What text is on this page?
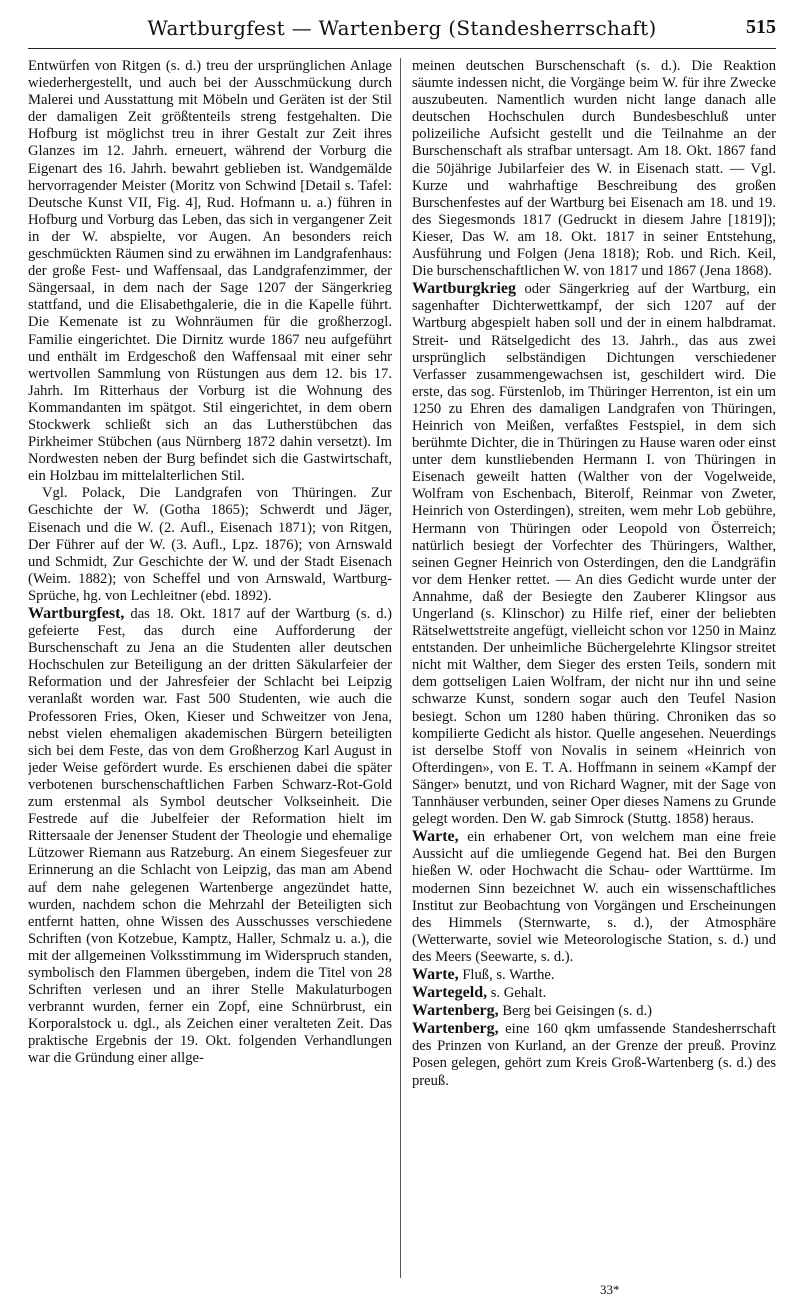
Wartburgfest — Wartenberg (Standesherrschaft)	515

Entwürfen von Ritgen (s. d.) treu der ursprünglichen Anlage wiederhergestellt, und auch bei der Ausschmückung durch Malerei und Ausstattung mit Möbeln und Geräten ist der Stil der damaligen Zeit größtenteils streng festgehalten. Die Hofburg ist möglichst treu in ihrer Gestalt zur Zeit ihres Glanzes im 12. Jahrh. erneuert, während der Vorburg die Eigenart des 16. Jahrh. bewahrt geblieben ist. Wandgemälde hervorragender Meister (Moritz von Schwind [Detail s. Tafel: Deutsche Kunst VII, Fig. 4], Rud. Hofmann u. a.) führen in Hofburg und Vorburg das Leben, das sich in vergangener Zeit in der W. abspielte, vor Augen. An besonders reich geschmückten Räumen sind zu erwähnen im Landgrafenhaus: der große Fest- und Waffensaal, das Landgrafenzimmer, der Sängersaal, in dem nach der Sage 1207 der Sängerkrieg stattfand, und die Elisabethgalerie, die in die Kapelle führt. Die Kemenate ist zu Wohnräumen für die großherzogl. Familie eingerichtet. Die Dirnitz wurde 1867 neu aufgeführt und enthält im Erdgeschoß den Waffensaal mit einer sehr wertvollen Sammlung von Rüstungen aus dem 12. bis 17. Jahrh. Im Ritterhaus der Vorburg ist die Wohnung des Kommandanten im spätgot. Stil eingerichtet, in dem obern Stockwerk schließt sich an das Lutherstübchen das Pirkheimer Stübchen (aus Nürnberg 1872 dahin versetzt). Im Nordwesten neben der Burg befindet sich die Gastwirtschaft, ein Holzbau im mittelalterlichen Stil.

Vgl. Polack, Die Landgrafen von Thüringen. Zur Geschichte der W. (Gotha 1865); Schwerdt und Jäger, Eisenach und die W. (2. Aufl., Eisenach 1871); von Ritgen, Der Führer auf der W. (3. Aufl., Lpz. 1876); von Arnswald und Schmidt, Zur Geschichte der W. und der Stadt Eisenach (Weim. 1882); von Scheffel und von Arnswald, Wartburg-Sprüche, hg. von Lechleitner (ebd. 1892).

Wartburgfest, das 18. Okt. 1817 auf der Wartburg (s. d.) gefeierte Fest, das durch eine Aufforderung der Burschenschaft zu Jena an die Studenten aller deutschen Hochschulen zur Beteiligung an der dritten Säkularfeier der Reformation und der Jahresfeier der Schlacht bei Leipzig veranlaßt worden war. Fast 500 Studenten, wie auch die Professoren Fries, Oken, Kieser und Schweitzer von Jena, nebst vielen ehemaligen akademischen Bürgern beteiligten sich bei dem Feste, das von dem Großherzog Karl August in jeder Weise gefördert wurde. Es erschienen dabei die später verbotenen burschenschaftlichen Farben Schwarz-Rot-Gold zum erstenmal als Symbol deutscher Volkseinheit. Die Festrede auf die Jubelfeier der Reformation hielt im Rittersaale der Jenenser Student der Theologie und ehemalige Lützower Riemann aus Ratzeburg. An einem Siegesfeuer zur Erinnerung an die Schlacht von Leipzig, das man am Abend auf dem nahe gelegenen Wartenberge angezündet hatte, wurden, nachdem schon die Mehrzahl der Beteiligten sich entfernt hatten, ohne Wissen des Ausschusses verschiedene Schriften (von Kotzebue, Kamptz, Haller, Schmalz u. a.), die mit der allgemeinen Volksstimmung im Widerspruch standen, symbolisch den Flammen übergeben, indem die Titel von 28 Schriften verlesen und an ihrer Stelle Makulaturbogen verbrannt wurden, ferner ein Zopf, eine Schnürbrust, ein Korporalstock u. dgl., als Zeichen einer veralteten Zeit. Das praktische Ergebnis der 19. Okt. folgenden Verhandlungen war die Gründung einer allge-

meinen deutschen Burschenschaft (s. d.). Die Reaktion säumte indessen nicht, die Vorgänge beim W. für ihre Zwecke auszubeuten. Namentlich wurden nicht lange danach alle deutschen Hochschulen durch Bundesbeschluß unter polizeiliche Aufsicht gestellt und die Teilnahme an der Burschenschaft als strafbar untersagt. Am 18. Okt. 1867 fand die 50jährige Jubilarfeier des W. in Eisenach statt. — Vgl. Kurze und wahrhaftige Beschreibung des großen Burschenfestes auf der Wartburg bei Eisenach am 18. und 19. des Siegesmonds 1817 (Gedruckt in diesem Jahre [1819]); Kieser, Das W. am 18. Okt. 1817 in seiner Entstehung, Ausführung und Folgen (Jena 1818); Rob. und Rich. Keil, Die burschenschaftlichen W. von 1817 und 1867 (Jena 1868).

Wartburgkrieg oder Sängerkrieg auf der Wartburg, ein sagenhafter Dichterwettkampf, der sich 1207 auf der Wartburg abgespielt haben soll und der in einem halbdramat. Streit- und Rätselgedicht des 13. Jahrh., das aus zwei ursprünglich selbständigen Dichtungen verschiedener Verfasser zusammengewachsen ist, geschildert wird. Die erste, das sog. Fürstenlob, im Thüringer Herrenton, ist ein um 1250 zu Ehren des damaligen Landgrafen von Thüringen, Heinrich von Meißen, verfaßtes Festspiel, in dem sich berühmte Dichter, die in Thüringen zu Hause waren oder einst unter dem kunstliebenden Hermann I. von Thüringen in Eisenach geweilt hatten (Walther von der Vogelweide, Wolfram von Eschenbach, Biterolf, Reinmar von Zweter, Heinrich von Osterdingen), streiten, wem mehr Lob gebühre, Hermann von Thüringen oder Leopold von Österreich; natürlich besiegt der Vorfechter des Thüringers, Walther, seinen Gegner Heinrich von Osterdingen, den die Landgräfin vor dem Henker rettet. — An dies Gedicht wurde unter der Annahme, daß der Besiegte den Zauberer Klingsor aus Ungerland (s. Klinschor) zu Hilfe rief, einer der beliebten Rätselwettstreite angefügt, vielleicht schon vor 1250 in Mainz entstanden. Der unheimliche Büchergelehrte Klingsor streitet nicht mit Walther, dem Sieger des ersten Teils, sondern mit dem gottseligen Laien Wolfram, der nicht nur ihn und seine schwarze Kunst, sondern sogar auch den Teufel Nasion besiegt. Schon um 1280 haben thüring. Chroniken das so kompilierte Gedicht als histor. Quelle angesehen. Neuerdings ist derselbe Stoff von Novalis in seinem «Heinrich von Ofterdingen», von E. T. A. Hoffmann in seinem «Kampf der Sänger» benutzt, und von Richard Wagner, mit der Sage von Tannhäuser verbunden, seiner Oper dieses Namens zu Grunde gelegt worden. Den W. gab Simrock (Stuttg. 1858) heraus.

Warte, ein erhabener Ort, von welchem man eine freie Aussicht auf die umliegende Gegend hat. Bei den Burgen hießen W. oder Hochwacht die Schau- oder Warttürme. Im modernen Sinn bezeichnet W. auch ein wissenschaftliches Institut zur Beobachtung von Vorgängen und Erscheinungen des Himmels (Sternwarte, s. d.), der Atmosphäre (Wetterwarte, soviel wie Meteorologische Station, s. d.) und des Meers (Seewarte, s. d.).

Warte, Fluß, s. Warthe.

Wartegeld, s. Gehalt.

Wartenberg, Berg bei Geisingen (s. d.)

Wartenberg, eine 160 qkm umfassende Standesherrschaft des Prinzen von Kurland, an der Grenze der preuß. Provinz Posen gelegen, gehört zum Kreis Groß-Wartenberg (s. d.) des preuß.

33*
